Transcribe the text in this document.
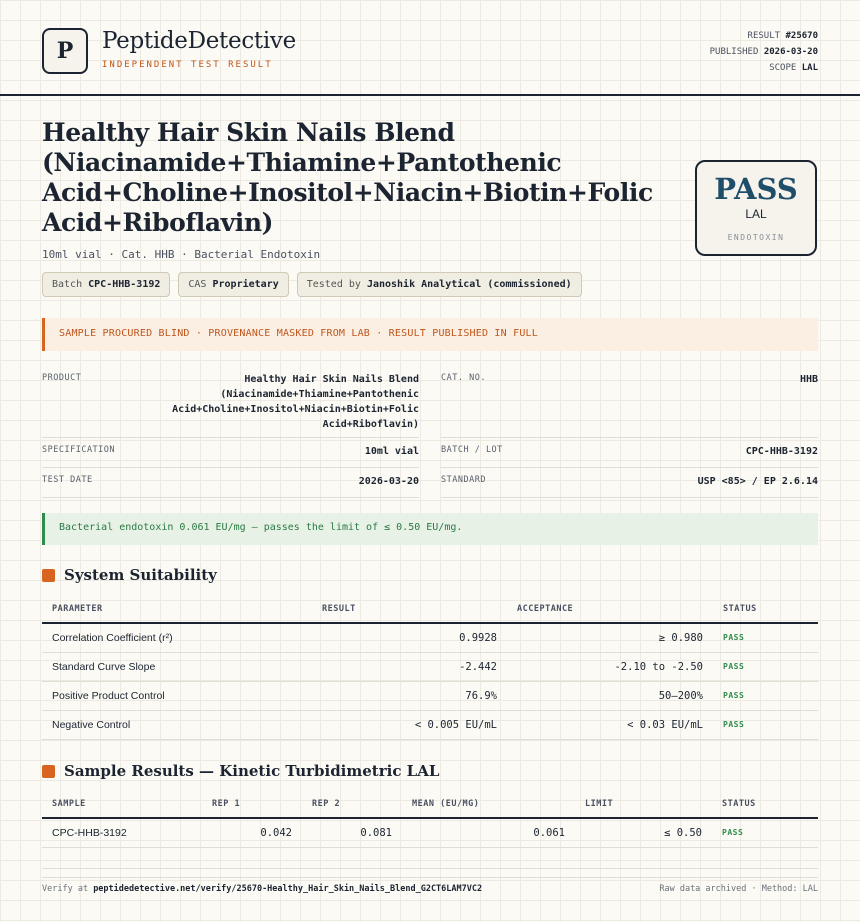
P	PeptideDetective
INDEPENDENT TEST RESULT
RESULT #25670
PUBLISHED 2026-03-20
SCOPE LAL
Healthy Hair Skin Nails Blend (Niacinamide+Thiamine+Pantothenic Acid+Choline+Inositol+Niacin+Biotin+Folic Acid+Riboflavin)
10ml vial · Cat. HHB · Bacterial Endotoxin
PASS
LAL
ENDOTOXIN
Batch CPC-HHB-3192	CAS Proprietary	Tested by Janoshik Analytical (commissioned)
SAMPLE PROCURED BLIND · PROVENANCE MASKED FROM LAB · RESULT PUBLISHED IN FULL
PRODUCT	Healthy Hair Skin Nails Blend (Niacinamide+Thiamine+Pantothenic Acid+Choline+Inositol+Niacin+Biotin+Folic Acid+Riboflavin)
SPECIFICATION	10ml vial
TEST DATE	2026-03-20
CAT. NO.	HHB
BATCH / LOT	CPC-HHB-3192
STANDARD	USP <85> / EP 2.6.14
Bacterial endotoxin 0.061 EU/mg — passes the limit of ≤ 0.50 EU/mg.
System Suitability
PARAMETER	RESULT	ACCEPTANCE	STATUS
Correlation Coefficient (r²)	0.9928	≥ 0.980	PASS
Standard Curve Slope	-2.442	-2.10 to -2.50	PASS
Positive Product Control	76.9%	50–200%	PASS
Negative Control	< 0.005 EU/mL	< 0.03 EU/mL	PASS
Sample Results — Kinetic Turbidimetric LAL
SAMPLE	REP 1	REP 2	MEAN (EU/MG)	LIMIT	STATUS
CPC-HHB-3192	0.042	0.081	0.061	≤ 0.50	PASS

Verify at peptidedetective.net/verify/25670-Healthy_Hair_Skin_Nails_Blend_G2CT6LAM7VC2	Raw data archived · Method: LAL
